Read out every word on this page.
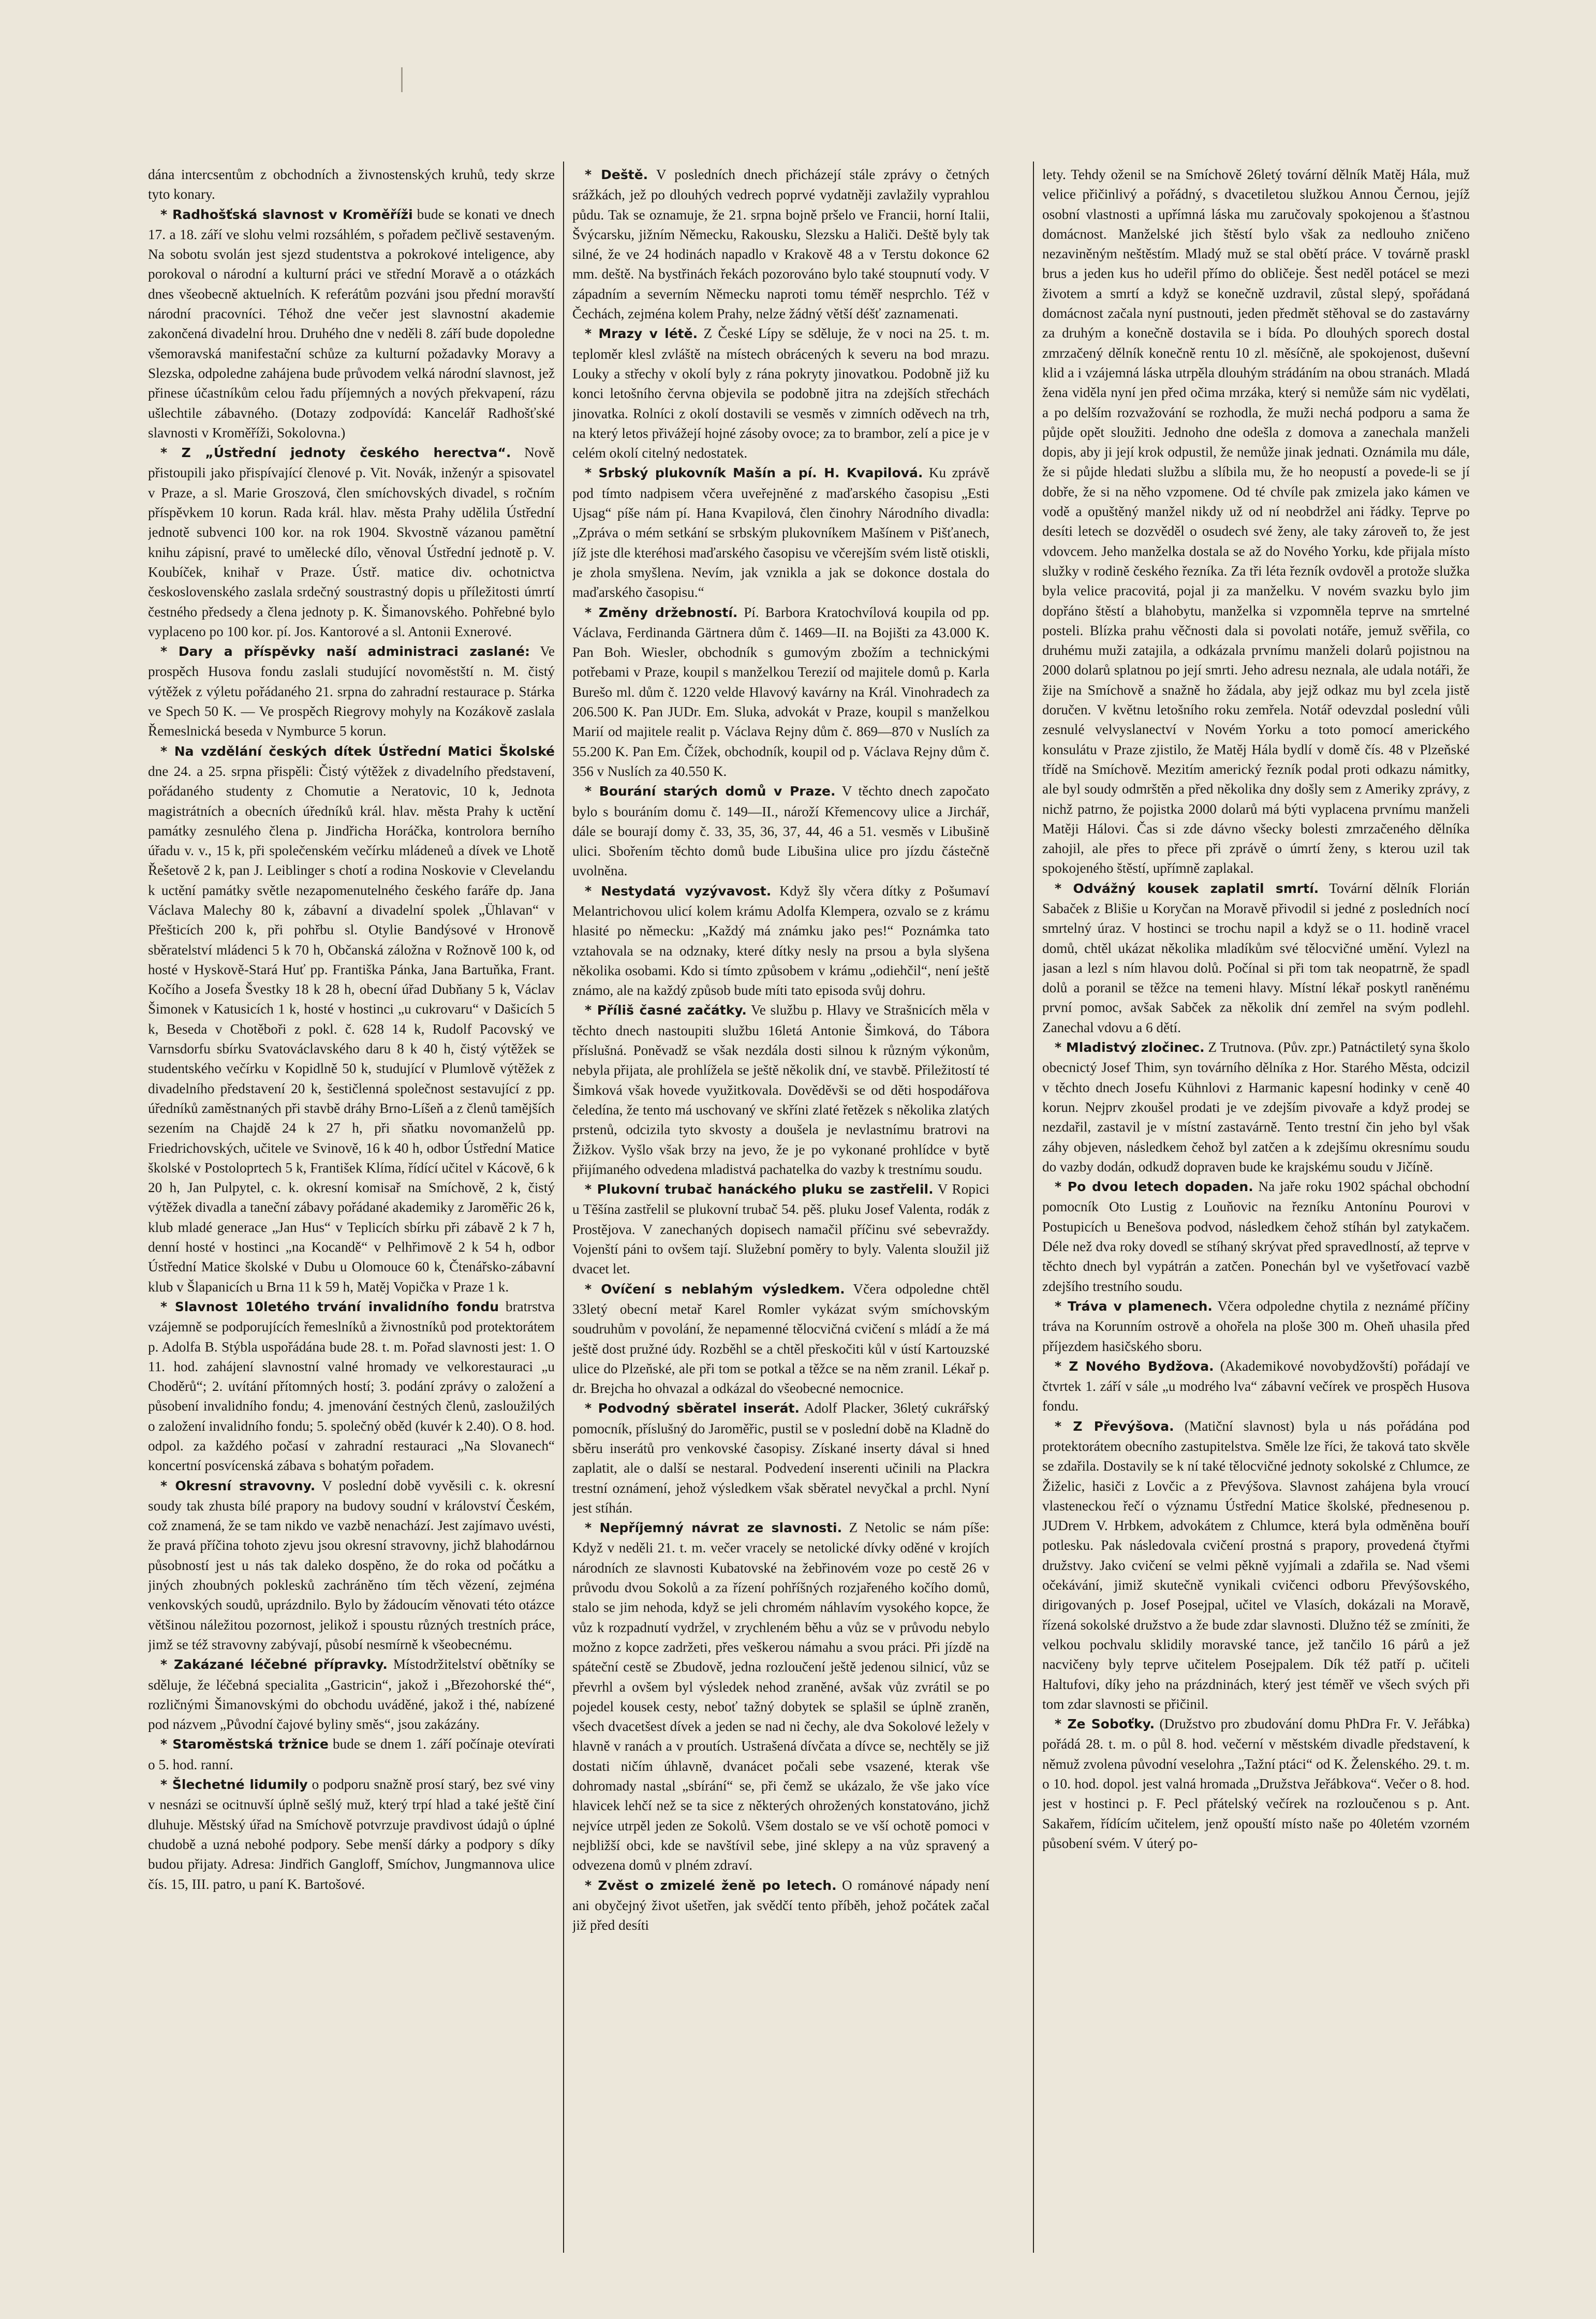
dána intercsentům z obchodních a živnostenských kruhů, tedy skrze tyto konary.

* Radhošťská slavnost v Kroměříži bude se konati ve dnech 17. a 18. září ve slohu velmi rozsáhlém, s pořadem pečlivě sestaveným. Na sobotu svolán jest sjezd studentstva a pokrokové inteligence, aby porokoval o národní a kulturní práci ve střední Moravě a o otázkách dnes všeobecně aktuelních. K referátům pozváni jsou přední moravští národní pracovníci. Téhož dne večer jest slavnostní akademie zakončená divadelní hrou. Druhého dne v neděli 8. září bude dopoledne všemoravská manifestační schůze za kulturní požadavky Moravy a Slezska, odpoledne zahájena bude průvodem velká národní slavnost, jež přinese účastníkům celou řadu příjemných a nových překvapení, rázu ušlechtile zábavného. (Dotazy zodpovídá: Kancelář Radhošťské slavnosti v Kroměříži, Sokolovna.)

* Z „Ústřední jednoty českého herectva“. Nově přistoupili jako přispívající členové p. Vit. Novák, inženýr a spisovatel v Praze, a sl. Marie Groszová, člen smíchovských divadel, s ročním příspěvkem 10 korun. Rada král. hlav. města Prahy udělila Ústřední jednotě subvenci 100 kor. na rok 1904. Skvostně vázanou pamětní knihu zápisní, pravé to umělecké dílo, věnoval Ústřední jednotě p. V. Koubíček, knihař v Praze. Ústř. matice div. ochotnictva československého zaslala srdečný soustrastný dopis u příležitosti úmrtí čestného předsedy a člena jednoty p. K. Šimanovského. Pohřebné bylo vyplaceno po 100 kor. pí. Jos. Kantorové a sl. Antonii Exnerové.

* Dary a příspěvky naší administraci zaslané: Ve prospěch Husova fondu zaslali studující novoměstští n. M. čistý výtěžek z výletu pořádaného 21. srpna do zahradní restaurace p. Stárka ve Spech 50 K. — Ve prospěch Riegrovy mohyly na Kozákově zaslala Řemeslnická beseda v Nymburce 5 korun.

* Na vzdělání českých dítek Ústřední Matici Školské dne 24. a 25. srpna přispěli: Čistý výtěžek z divadelního představení, pořádaného studenty z Chomutie a Neratovic, 10 k, Jednota magistrátních a obecních úředníků král. hlav. města Prahy k uctění památky zesnulého člena p. Jindřicha Horáčka, kontrolora berního úřadu v. v., 15 k, při společenském večírku mládeneů a dívek ve Lhotě Řešetově 2 k, pan J. Leiblinger s chotí a rodina Noskovie v Clevelandu k uctění památky světle nezapomenutelného českého faráře dp. Jana Václava Malechy 80 k, zábavní a divadelní spolek „Ühlavan“ v Přešticích 200 k, při pohřbu sl. Otylie Bandýsové v Hronově sběratelství mládenci 5 k 70 h, Občanská záložna v Rožnově 100 k, od hosté v Hyskově-Stará Huť pp. Františka Pánka, Jana Bartuňka, Frant. Kočího a Josefa Švestky 18 k 28 h, obecní úřad Dubňany 5 k, Václav Šimonek v Katusicích 1 k, hosté v hostinci „u cukrovaru“ v Dašicích 5 k, Beseda v Chotěboři z pokl. č. 628 14 k, Rudolf Pacovský ve Varnsdorfu sbírku Svatováclavského daru 8 k 40 h, čistý výtěžek se studentského večírku v Kopidlně 50 k, studující v Plumlově výtěžek z divadelního představení 20 k, šestičlenná společnost sestavující z pp. úředníků zaměstnaných při stavbě dráhy Brno-Líšeň a z členů tamějších sezením na Chajdě 24 k 27 h, při sňatku novomanželů pp. Friedrichovských, učitele ve Svinově, 16 k 40 h, odbor Ústřední Matice školské v Postoloprtech 5 k, František Klíma, řídící učitel v Kácově, 6 k 20 h, Jan Pulpytel, c. k. okresní komisař na Smíchově, 2 k, čistý výtěžek divadla a taneční zábavy pořádané akademiky z Jaroměřic 26 k, klub mladé generace „Jan Hus“ v Teplicích sbírku při zábavě 2 k 7 h, denní hosté v hostinci „na Kocandě“ v Pelhřimově 2 k 54 h, odbor Ústřední Matice školské v Dubu u Olomouce 60 k, Čtenářsko-zábavní klub v Šlapanicích u Brna 11 k 59 h, Matěj Vopička v Praze 1 k.

* Slavnost 10letého trvání invalidního fondu bratrstva vzájemně se podporujících řemeslníků a živnostníků pod protektorátem p. Adolfa B. Stýbla uspořádána bude 28. t. m. Pořad slavnosti jest: 1. O 11. hod. zahájení slavnostní valné hromady ve velkorestauraci „u Choděrů“; 2. uvítání přítomných hostí; 3. podání zprávy o založení a působení invalidního fondu; 4. jmenování čestných členů, zasloužilých o založení invalidního fondu; 5. společný oběd (kuvér k 2.40). O 8. hod. odpol. za každého počasí v zahradní restauraci „Na Slovanech“ koncertní posvícenská zábava s bohatým pořadem.

* Okresní stravovny. V poslední době vyvěsili c. k. okresní soudy tak zhusta bílé prapory na budovy soudní v království Českém, což znamená, že se tam nikdo ve vazbě nenachází. Jest zajímavo uvésti, že pravá příčina tohoto zjevu jsou okresní stravovny, jichž blahodárnou působností jest u nás tak daleko dospěno, že do roka od počátku a jiných zhoubných poklesků zachráněno tím těch vězení, zejména venkovských soudů, uprázdnilo. Bylo by žádoucím věnovati této otázce většinou náležitou pozornost, jelikož i spoustu různých trestních práce, jimž se též stravovny zabývají, působí nesmírně k všeobecnému.

* Zakázané léčebné přípravky. Místodržitelství obětníky se sděluje, že léčebná specialita „Gastricin“, jakož i „Březohorské thé“, rozličnými Šimanovskými do obchodu uváděné, jakož i thé, nabízené pod názvem „Původní čajové byliny směs“, jsou zakázány.

* Staroměstská tržnice bude se dnem 1. září počínaje otevírati o 5. hod. ranní.

* Šlechetné lidumily o podporu snažně prosí starý, bez své viny v nesnázi se ocitnuvší úplně sešlý muž, který trpí hlad a také ještě činí dluhuje. Městský úřad na Smíchově potvrzuje pravdivost údajů o úplné chudobě a uzná nebohé podpory. Sebe menší dárky a podpory s díky budou přijaty. Adresa: Jindřich Gangloff, Smíchov, Jungmannova ulice čís. 15, III. patro, u paní K. Bartošové.

* Deště. V posledních dnech přicházejí stále zprávy o četných srážkách, jež po dlouhých vedrech poprvé vydatněji zavlažily vyprahlou půdu. Tak se oznamuje, že 21. srpna bojně pršelo ve Francii, horní Italii, Švýcarsku, jižním Německu, Rakousku, Slezsku a Haliči. Deště byly tak silné, že ve 24 hodinách napadlo v Krakově 48 a v Terstu dokonce 62 mm. deště. Na bystřinách řekách pozorováno bylo také stoupnutí vody. V západním a severním Německu naproti tomu téměř nesprchlo. Též v Čechách, zejména kolem Prahy, nelze žádný větší déšť zaznamenati.

* Mrazy v létě. Z České Lípy se sděluje, že v noci na 25. t. m. teploměr klesl zvláště na místech obrácených k severu na bod mrazu. Louky a střechy v okolí byly z rána pokryty jinovatkou. Podobně již ku konci letošního června objevila se podobně jitra na zdejších střechách jinovatka. Rolníci z okolí dostavili se vesměs v zimních oděvech na trh, na který letos přivážejí hojné zásoby ovoce; za to brambor, zelí a pice je v celém okolí citelný nedostatek.

* Srbský plukovník Mašín a pí. H. Kvapilová. Ku zprávě pod tímto nadpisem včera uveřejněné z maďarského časopisu „Esti Ujsag“ píše nám pí. Hana Kvapilová, člen činohry Národního divadla: „Zpráva o mém setkání se srbským plukovníkem Mašínem v Pišťanech, jíž jste dle kteréhosi maďarského časopisu ve včerejším svém listě otiskli, je zhola smyšlena. Nevím, jak vznikla a jak se dokonce dostala do maďarského časopisu.“

* Změny držebností. Pí. Barbora Kratochvílová koupila od pp. Václava, Ferdinanda Gärtnera dům č. 1469—II. na Bojišti za 43.000 K. Pan Boh. Wiesler, obchodník s gumovým zbožím a technickými potřebami v Praze, koupil s manželkou Terezií od majitele domů p. Karla Burešo ml. dům č. 1220 velde Hlavový kavárny na Král. Vinohradech za 206.500 K. Pan JUDr. Em. Sluka, advokát v Praze, koupil s manželkou Marií od majitele realit p. Václava Rejny dům č. 869—870 v Nuslích za 55.200 K. Pan Em. Čížek, obchodník, koupil od p. Václava Rejny dům č. 356 v Nuslích za 40.550 K.

* Bourání starých domů v Praze. V těchto dnech započato bylo s bouráním domu č. 149—II., nároží Křemencovy ulice a Jirchář, dále se bourají domy č. 33, 35, 36, 37, 44, 46 a 51. vesměs v Libušině ulici. Sbořením těchto domů bude Libušina ulice pro jízdu částečně uvolněna.

* Nestydatá vyzývavost. Když šly včera dítky z Pošumaví Melantrichovou ulicí kolem krámu Adolfa Klempera, ozvalo se z krámu hlasité po německu: „Každý má známku jako pes!“ Poznámka tato vztahovala se na odznaky, které dítky nesly na prsou a byla slyšena několika osobami. Kdo si tímto způsobem v krámu „odiehčil“, není ještě známo, ale na každý způsob bude míti tato episoda svůj dohru.

* Příliš časné začátky. Ve službu p. Hlavy ve Strašnicích měla v těchto dnech nastoupiti službu 16letá Antonie Šimková, do Tábora příslušná. Poněvadž se však nezdála dosti silnou k různým výkonům, nebyla přijata, ale prohlížela se ještě několik dní, ve stavbě. Přiležitostí té Šimková však hovede využitkovala. Dověděvši se od děti hospodářova čeledína, že tento má uschovaný ve skříni zlaté řetězek s několika zlatých prstenů, odcizila tyto skvosty a doušela je nevlastnímu bratrovi na Žižkov. Vyšlo však brzy na jevo, že je po vykonané prohlídce v bytě přijímaného odvedena mladistvá pachatelka do vazby k trestnímu soudu.

* Plukovní trubač hanáckého pluku se zastřelil. V Ropici u Těšína zastřelil se plukovní trubač 54. pěš. pluku Josef Valenta, rodák z Prostějova. V zanechaných dopisech namačil příčinu své sebevraždy. Vojenští páni to ovšem tají. Služební poměry to byly. Valenta sloužil již dvacet let.

* Ovíčení s neblahým výsledkem. Včera odpoledne chtěl 33letý obecní metař Karel Romler vykázat svým smíchovským soudruhům v povolání, že nepamenné tělocvičná cvičení s mládí a že má ještě dost pružné údy. Rozběhl se a chtěl přeskočiti kůl v ústí Kartouzské ulice do Plzeňské, ale při tom se potkal a těžce se na něm zranil. Lékař p. dr. Brejcha ho ohvazal a odkázal do všeobecné nemocnice.

* Podvodný sběratel inserát. Adolf Placker, 36letý cukrářský pomocník, příslušný do Jaroměřic, pustil se v poslední době na Kladně do sběru inserátů pro venkovské časopisy. Získané inserty dával si hned zaplatit, ale o další se nestaral. Podvedení inserenti učinili na Plackra trestní oznámení, jehož výsledkem však sběratel nevyčkal a prchl. Nyní jest stíhán.

* Nepříjemný návrat ze slavnosti. Z Netolic se nám píše: Když v neděli 21. t. m. večer vracely se netolické dívky oděné v krojích národních ze slavnosti Kubatovské na žebřinovém voze po cestě 26 v průvodu dvou Sokolů a za řízení pohříšných rozjařeného kočího domů, stalo se jim nehoda, když se jeli chromém náhlavím vysokého kopce, že vůz k rozpadnutí vydržel, v zrychleném běhu a vůz se v průvodu nebylo možno z kopce zadržeti, přes veškerou námahu a svou práci. Při jízdě na spáteční cestě se Zbudově, jedna rozloučení ještě jedenou silnicí, vůz se převrhl a ovšem byl výsledek nehod zraněné, avšak vůz zvrátil se po pojedel kousek cesty, neboť tažný dobytek se splašil se úplně zraněn, všech dvacetšest dívek a jeden se nad ni čechy, ale dva Sokolové ležely v hlavně v ranách a v proutích. Ustrašená dívčata a dívce se, nechtěly se již dostati ničím úhlavně, dvanácet počali sebe vsazené, kterak vše dohromady nastal „sbírání“ se, při čemž se ukázalo, že vše jako více hlavicek lehčí než se ta sice z některých ohrožených konstatováno, jichž nejvíce utrpěl jeden ze Sokolů. Všem dostalo se ve vší ochotě pomoci v nejbližší obci, kde se navštívil sebe, jiné sklepy a na vůz spravený a odvezena domů v plném zdraví.

* Zvěst o zmizelé ženě po letech. O románové nápady není ani obyčejný život ušetřen, jak svědčí tento příběh, jehož počátek začal již před desíti

lety. Tehdy oženil se na Smíchově 26letý tovární dělník Matěj Hála, muž velice přičinlivý a pořádný, s dvacetiletou služkou Annou Černou, jejíž osobní vlastnosti a upřímná láska mu zaručovaly spokojenou a šťastnou domácnost. Manželské jich štěstí bylo však za nedlouho zničeno nezaviněným neštěstím. Mladý muž se stal obětí práce. V továrně praskl brus a jeden kus ho udeřil přímo do obličeje. Šest neděl potácel se mezi životem a smrtí a když se konečně uzdravil, zůstal slepý, spořádaná domácnost začala nyní pustnouti, jeden předmět stěhoval se do zastavárny za druhým a konečně dostavila se i bída. Po dlouhých sporech dostal zmrzačený dělník konečně rentu 10 zl. měsíčně, ale spokojenost, duševní klid a i vzájemná láska utrpěla dlouhým strádáním na obou stranách. Mladá žena viděla nyní jen před očima mrzáka, který si nemůže sám nic vydělati, a po delším rozvažování se rozhodla, že muži nechá podporu a sama že půjde opět sloužiti. Jednoho dne odešla z domova a zanechala manželi dopis, aby ji její krok odpustil, že nemůže jinak jednati. Oznámila mu dále, že si půjde hledati službu a slíbila mu, že ho neopustí a povede-li se jí dobře, že si na něho vzpomene. Od té chvíle pak zmizela jako kámen ve vodě a opuštěný manžel nikdy už od ní neobdržel ani řádky. Teprve po desíti letech se dozvěděl o osudech své ženy, ale taky zároveň to, že jest vdovcem. Jeho manželka dostala se až do Nového Yorku, kde přijala místo služky v rodině českého řezníka. Za tři léta řezník ovdověl a protože služka byla velice pracovitá, pojal ji za manželku. V novém svazku bylo jim dopřáno štěstí a blahobytu, manželka si vzpomněla teprve na smrtelné posteli. Blízka prahu věčnosti dala si povolati notáře, jemuž svěřila, co druhému muži zatajila, a odkázala prvnímu manželi dolarů pojistnou na 2000 dolarů splatnou po její smrti. Jeho adresu neznala, ale udala notáři, že žije na Smíchově a snažně ho žádala, aby jejž odkaz mu byl zcela jistě doručen. V květnu letošního roku zemřela. Notář odevzdal poslední vůli zesnulé velvyslanectví v Novém Yorku a toto pomocí amerického konsulátu v Praze zjistilo, že Matěj Hála bydlí v domě čís. 48 v Plzeňské třídě na Smíchově. Mezitím americký řezník podal proti odkazu námitky, ale byl soudy odmrštěn a před několika dny došly sem z Ameriky zprávy, z nichž patrno, že pojistka 2000 dolarů má býti vyplacena prvnímu manželi Matěji Hálovi. Čas si zde dávno všecky bolesti zmrzačeného dělníka zahojil, ale přes to přece při zprávě o úmrtí ženy, s kterou uzil tak spokojeného štěstí, upřímně zaplakal.

* Odvážný kousek zaplatil smrtí. Tovární dělník Florián Sabaček z Blišie u Koryčan na Moravě přivodil si jedné z posledních nocí smrtelný úraz. V hostinci se trochu napil a když se o 11. hodině vracel domů, chtěl ukázat několika mladíkům své tělocvičné umění. Vylezl na jasan a lezl s ním hlavou dolů. Počínal si při tom tak neopatrně, že spadl dolů a poranil se těžce na temeni hlavy. Místní lékař poskytl raněnému první pomoc, avšak Sabček za několik dní zemřel na svým podlehl. Zanechal vdovu a 6 dětí.

* Mladistvý zločinec. Z Trutnova. (Pův. zpr.) Patnáctiletý syna školo obecnictý Josef Thim, syn továrního dělníka z Hor. Starého Města, odcizil v těchto dnech Josefu Kühnlovi z Harmanic kapesní hodinky v ceně 40 korun. Nejprv zkoušel prodati je ve zdejším pivovaře a když prodej se nezdařil, zastavil je v místní zastavárně. Tento trestní čin jeho byl však záhy objeven, následkem čehož byl zatčen a k zdejšímu okresnímu soudu do vazby dodán, odkudž dopraven bude ke krajskému soudu v Jičíně.

* Po dvou letech dopaden. Na jaře roku 1902 spáchal obchodní pomocník Oto Lustig z Louňovic na řezníku Antonínu Pourovi v Postupicích u Benešova podvod, následkem čehož stíhán byl zatykačem. Déle než dva roky dovedl se stíhaný skrývat před spravedlností, až teprve v těchto dnech byl vypátrán a zatčen. Ponechán byl ve vyšetřovací vazbě zdejšího trestního soudu.

* Tráva v plamenech. Včera odpoledne chytila z neznámé příčiny tráva na Korunním ostrově a ohořela na ploše 300 m. Oheň uhasila před příjezdem hasičského sboru.

* Z Nového Bydžova. (Akademikové novobydžovští) pořádají ve čtvrtek 1. září v sále „u modrého lva“ zábavní večírek ve prospěch Husova fondu.

* Z Převýšova. (Matiční slavnost) byla u nás pořádána pod protektorátem obecního zastupitelstva. Směle lze říci, že taková tato skvěle se zdařila. Dostavily se k ní také tělocvičné jednoty sokolské z Chlumce, ze Žiželic, hasiči z Lovčic a z Převýšova. Slavnost zahájena byla vroucí vlasteneckou řečí o významu Ústřední Matice školské, přednesenou p. JUDrem V. Hrbkem, advokátem z Chlumce, která byla odměněna bouří potlesku. Pak následovala cvičení prostná s prapory, provedená čtyřmi družstvy. Jako cvičení se velmi pěkně vyjímali a zdařila se. Nad všemi očekávání, jimiž skutečně vynikali cvičenci odboru Převýšovského, dirigovaných p. Josef Posejpal, učitel ve Vlasích, dokázali na Moravě, řízená sokolské družstvo a že bude zdar slavnosti. Dlužno též se zmíniti, že velkou pochvalu sklidily moravské tance, jež tančilo 16 párů a jež nacvičeny byly teprve učitelem Posejpalem. Dík též patří p. učiteli Haltufovi, díky jeho na prázdninách, který jest téměř ve všech svých při tom zdar slavnosti se přičinil.

* Ze Soboťky. (Družstvo pro zbudování domu PhDra Fr. V. Jeřábka) pořádá 28. t. m. o půl 8. hod. večerní v městském divadle představení, k němuž zvolena původní veselohra „Tažní ptáci“ od K. Želenského. 29. t. m. o 10. hod. dopol. jest valná hromada „Družstva Jeřábkova“. Večer o 8. hod. jest v hostinci p. F. Pecl přátelský večírek na rozloučenou s p. Ant. Sakařem, řídícím učitelem, jenž opouští místo naše po 40letém vzorném působení svém. V úterý po-
